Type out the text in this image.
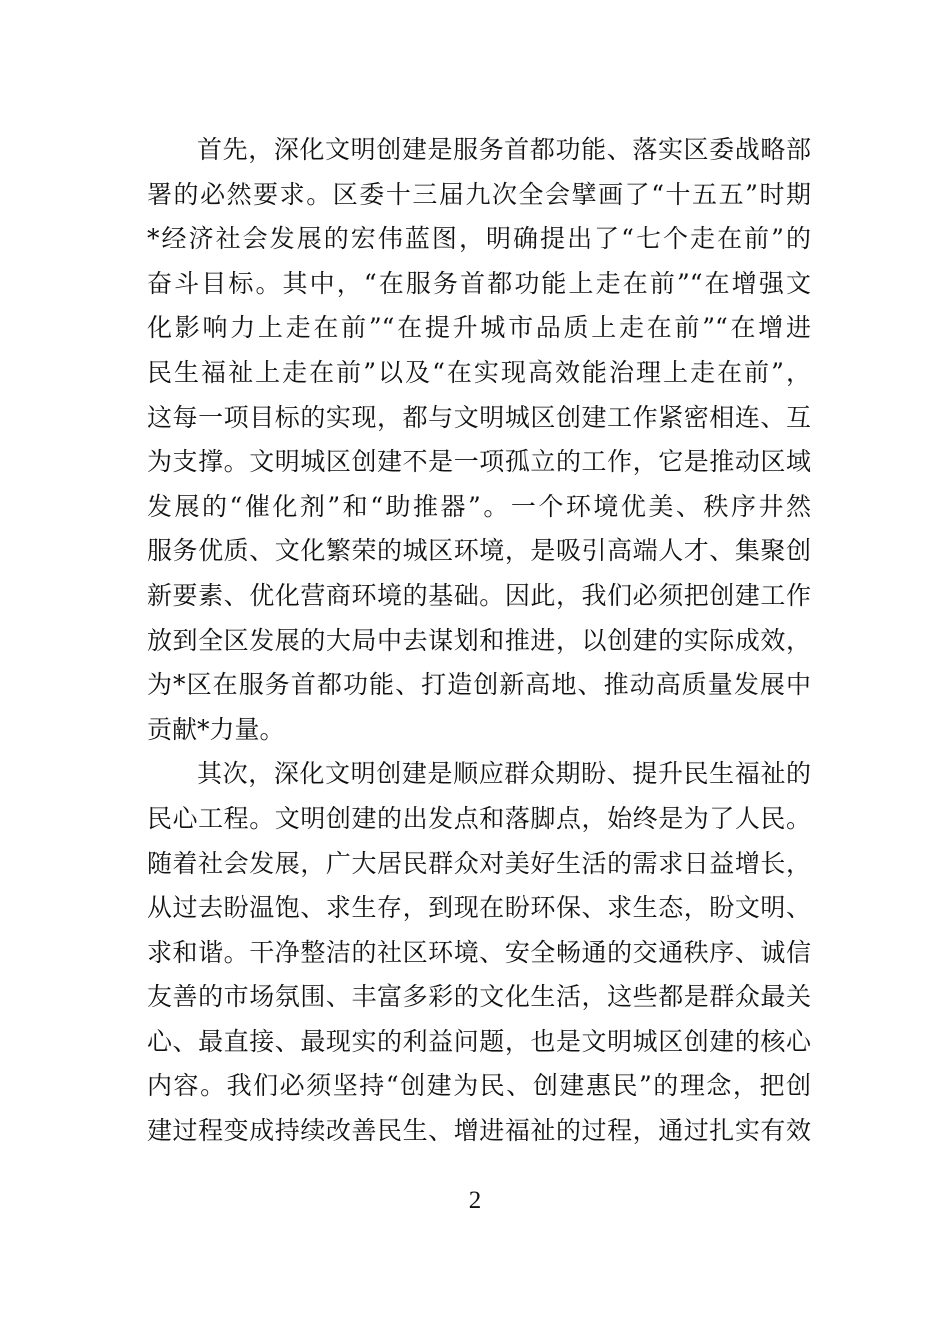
首先，深化文明创建是服务首都功能、落实区委战略部
署的必然要求。区委十三届九次全会擘画了“十五五”时期
*经济社会发展的宏伟蓝图，明确提出了“七个走在前”的
奋斗目标。其中，“在服务首都功能上走在前”“在增强文
化影响力上走在前”“在提升城市品质上走在前”“在增进
民生福祉上走在前”以及“在实现高效能治理上走在前”，
这每一项目标的实现，都与文明城区创建工作紧密相连、互
为支撑。文明城区创建不是一项孤立的工作，它是推动区域
发展的“催化剂”和“助推器”。一个环境优美、秩序井然
服务优质、文化繁荣的城区环境，是吸引高端人才、集聚创
新要素、优化营商环境的基础。因此，我们必须把创建工作
放到全区发展的大局中去谋划和推进，以创建的实际成效，
为*区在服务首都功能、打造创新高地、推动高质量发展中
贡献*力量。
其次，深化文明创建是顺应群众期盼、提升民生福祉的
民心工程。文明创建的出发点和落脚点，始终是为了人民。
随着社会发展，广大居民群众对美好生活的需求日益增长，
从过去盼温饱、求生存，到现在盼环保、求生态，盼文明、
求和谐。干净整洁的社区环境、安全畅通的交通秩序、诚信
友善的市场氛围、丰富多彩的文化生活，这些都是群众最关
心、最直接、最现实的利益问题，也是文明城区创建的核心
内容。我们必须坚持“创建为民、创建惠民”的理念，把创
建过程变成持续改善民生、增进福祉的过程，通过扎实有效
2
